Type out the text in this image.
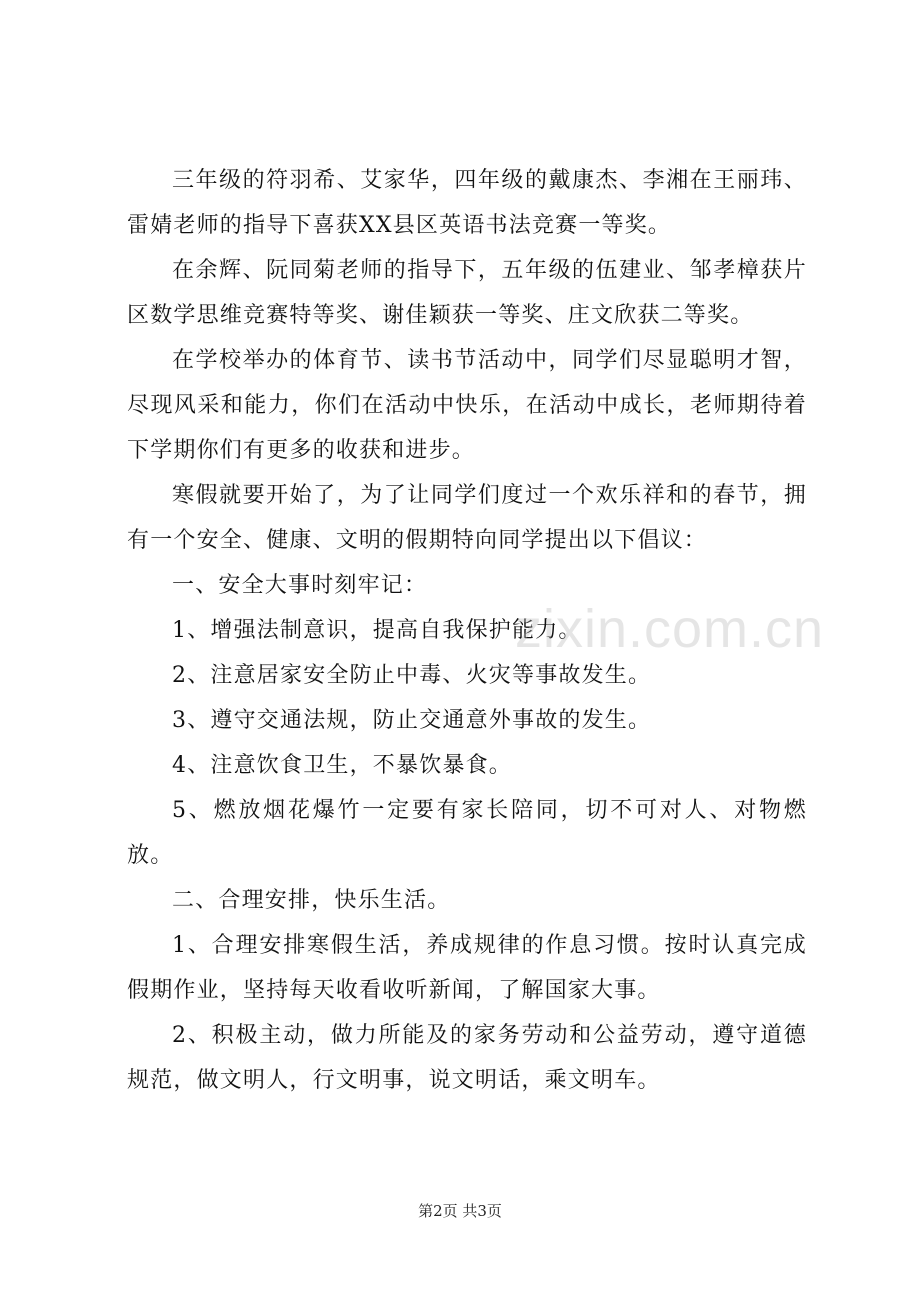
三年级的符羽希、艾家华，四年级的戴康杰、李湘在王丽玮、雷婧老师的指导下喜获XX县区英语书法竞赛一等奖。

在余辉、阮同菊老师的指导下，五年级的伍建业、邹孝樟获片区数学思维竞赛特等奖、谢佳颖获一等奖、庄文欣获二等奖。

在学校举办的体育节、读书节活动中，同学们尽显聪明才智，尽现风采和能力，你们在活动中快乐，在活动中成长，老师期待着下学期你们有更多的收获和进步。

寒假就要开始了，为了让同学们度过一个欢乐祥和的春节，拥有一个安全、健康、文明的假期特向同学提出以下倡议：

一、安全大事时刻牢记：

1、增强法制意识，提高自我保护能力。

2、注意居家安全防止中毒、火灾等事故发生。

3、遵守交通法规，防止交通意外事故的发生。

4、注意饮食卫生，不暴饮暴食。

5、燃放烟花爆竹一定要有家长陪同，切不可对人、对物燃放。

二、合理安排，快乐生活。

1、合理安排寒假生活，养成规律的作息习惯。按时认真完成假期作业，坚持每天收看收听新闻，了解国家大事。

2、积极主动，做力所能及的家务劳动和公益劳动，遵守道德规范，做文明人，行文明事，说文明话，乘文明车。

zixin.com.cn
第2页 共3页
